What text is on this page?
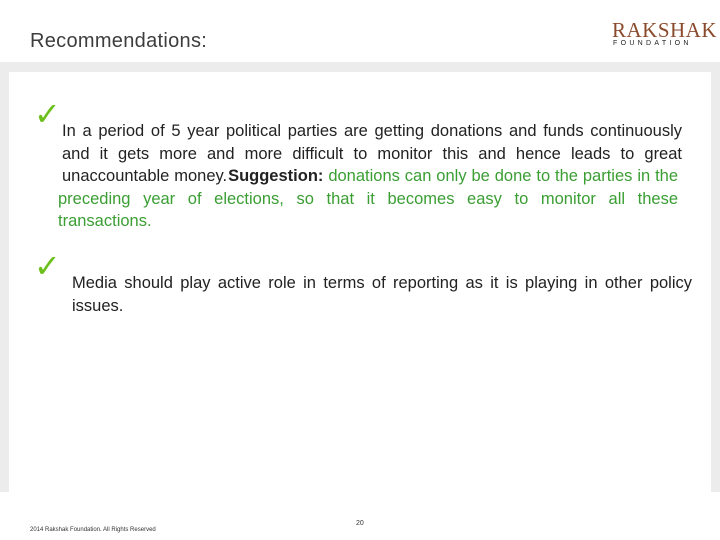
Recommendations:	RAKSHAK
FOUNDATION
✓ In a period of 5 year political parties are getting donations and funds continuously and it gets more and more difficult to monitor this and hence leads to great unaccountable money. Suggestion: donations can only be done to the parties in the preceding year of elections, so that it becomes easy to monitor all these transactions.
✓ Media should play active role in terms of reporting as it is playing in other policy issues.
2014 Rakshak Foundation. All Rights Reserved
20
